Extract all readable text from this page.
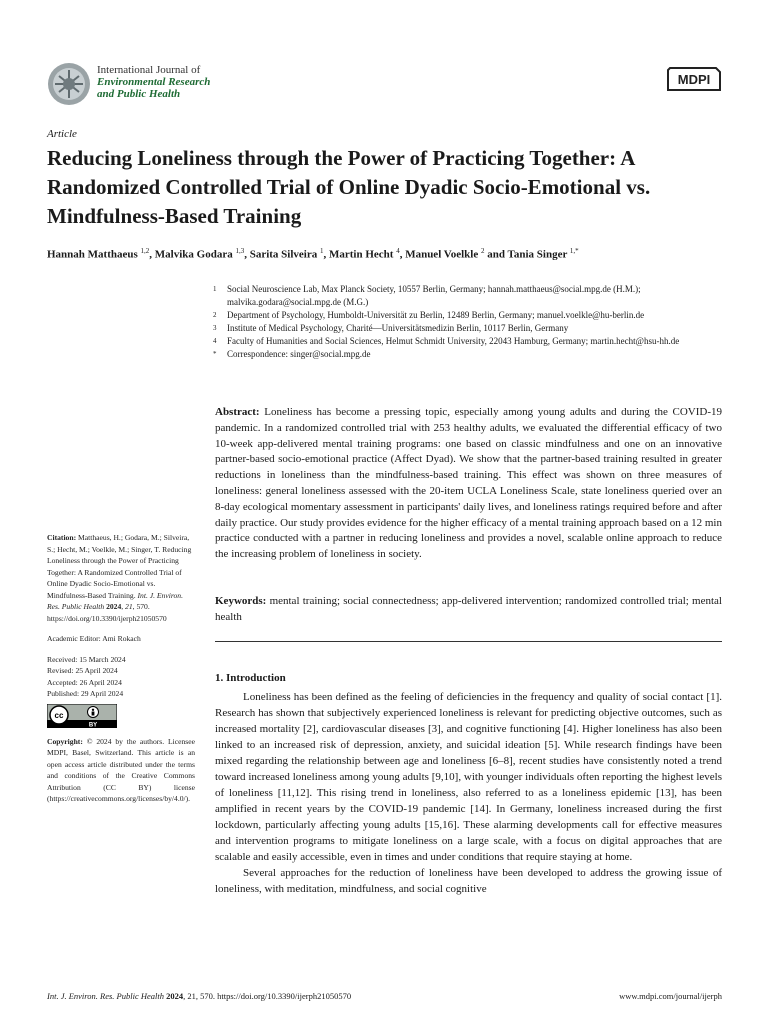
International Journal of
Environmental Research
and Public Health
MDPI
Article
Reducing Loneliness through the Power of Practicing Together: A Randomized Controlled Trial of Online Dyadic Socio-Emotional vs. Mindfulness-Based Training
Hannah Matthaeus $^{1,2}$, Malvika Godara $^{1,3}$, Sarita Silveira $^1$, Martin Hecht $^4$, Manuel Voelkle $^2$ and Tania Singer $^{1,*}$
1	Social Neuroscience Lab, Max Planck Society, 10557 Berlin, Germany; hannah.matthaeus@social.mpg.de (H.M.); malvika.godara@social.mpg.de (M.G.)
2	Department of Psychology, Humboldt-Universität zu Berlin, 12489 Berlin, Germany; manuel.voelkle@hu-berlin.de
3	Institute of Medical Psychology, Charité—Universitätsmedizin Berlin, 10117 Berlin, Germany
4	Faculty of Humanities and Social Sciences, Helmut Schmidt University, 22043 Hamburg, Germany; martin.hecht@hsu-hh.de
*	Correspondence: singer@social.mpg.de
Abstract: Loneliness has become a pressing topic, especially among young adults and during the COVID-19 pandemic. In a randomized controlled trial with 253 healthy adults, we evaluated the differential efficacy of two 10-week app-delivered mental training programs: one based on classic mindfulness and one on an innovative partner-based socio-emotional practice (Affect Dyad). We show that the partner-based training resulted in greater reductions in loneliness than the mindfulness-based training. This effect was shown on three measures of loneliness: general loneliness assessed with the 20-item UCLA Loneliness Scale, state loneliness queried over an 8-day ecological momentary assessment in participants' daily lives, and loneliness ratings required before and after daily practice. Our study provides evidence for the higher efficacy of a mental training approach based on a 12 min practice conducted with a partner in reducing loneliness and provides a novel, scalable online approach to reduce the increasing problem of loneliness in society.
Keywords: mental training; social connectedness; app-delivered intervention; randomized controlled trial; mental health
Citation: Matthaeus, H.; Godara, M.; Silveira, S.; Hecht, M.; Voelkle, M.; Singer, T. Reducing Loneliness through the Power of Practicing Together: A Randomized Controlled Trial of Online Dyadic Socio-Emotional vs. Mindfulness-Based Training. Int. J. Environ. Res. Public Health 2024, 21, 570. https://doi.org/10.3390/ijerph21050570
Academic Editor: Ami Rokach
Received: 15 March 2024
Revised: 25 April 2024
Accepted: 26 April 2024
Published: 29 April 2024
cc
BY
Copyright: © 2024 by the authors. Licensee MDPI, Basel, Switzerland. This article is an open access article distributed under the terms and conditions of the Creative Commons Attribution (CC BY) license (https://creativecommons.org/licenses/by/4.0/).
1. Introduction

Loneliness has been defined as the feeling of deficiencies in the frequency and quality of social contact [1]. Research has shown that subjectively experienced loneliness is relevant for predicting objective outcomes, such as increased mortality [2], cardiovascular diseases [3], and cognitive functioning [4]. Higher loneliness has also been linked to an increased risk of depression, anxiety, and suicidal ideation [5]. While research findings have been mixed regarding the relationship between age and loneliness [6–8], recent studies have consistently noted a trend toward increased loneliness among young adults [9,10], with younger individuals often reporting the highest levels of loneliness [11,12]. This rising trend in loneliness, also referred to as a loneliness epidemic [13], has been amplified in recent years by the COVID-19 pandemic [14]. In Germany, loneliness increased during the first lockdown, particularly affecting young adults [15,16]. These alarming developments call for effective measures and intervention programs to mitigate loneliness on a large scale, with a focus on digital approaches that are scalable and easily accessible, even in times and under conditions that require staying at home.

Several approaches for the reduction of loneliness have been developed to address the growing issue of loneliness, with meditation, mindfulness, and social cognitive

Int. J. Environ. Res. Public Health 2024, 21, 570. https://doi.org/10.3390/ijerph21050570	www.mdpi.com/journal/ijerph
